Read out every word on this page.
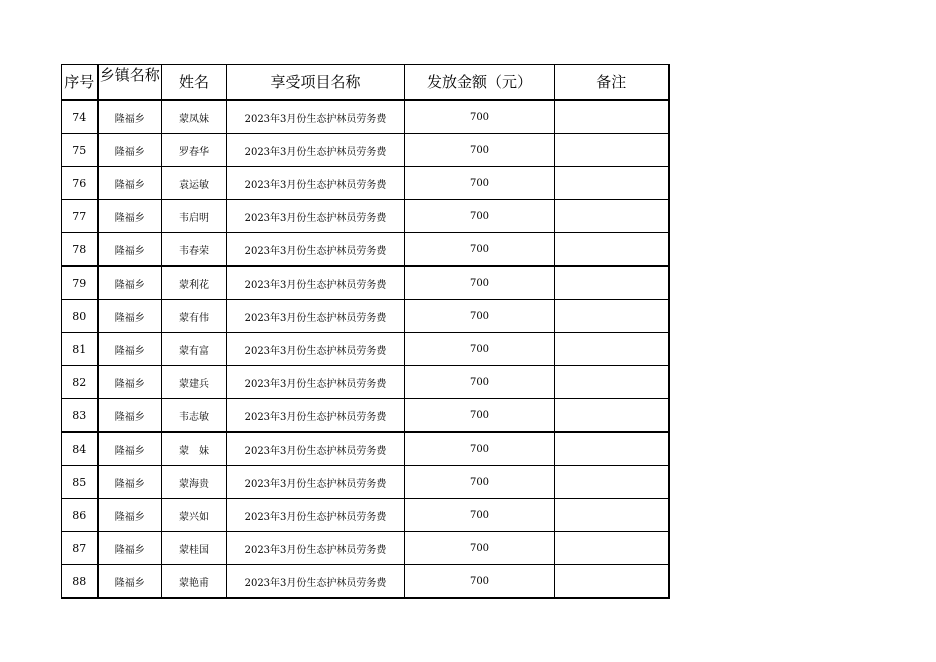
序号	乡镇名称	姓名	享受项目名称	发放金额（元）	备注
74	隆福乡	蒙凤妹	2023年3月份生态护林员劳务费	700	
75	隆福乡	罗春华	2023年3月份生态护林员劳务费	700	
76	隆福乡	袁运敏	2023年3月份生态护林员劳务费	700	
77	隆福乡	韦启明	2023年3月份生态护林员劳务费	700	
78	隆福乡	韦春荣	2023年3月份生态护林员劳务费	700	
79	隆福乡	蒙利花	2023年3月份生态护林员劳务费	700	
80	隆福乡	蒙有伟	2023年3月份生态护林员劳务费	700	
81	隆福乡	蒙有富	2023年3月份生态护林员劳务费	700	
82	隆福乡	蒙建兵	2023年3月份生态护林员劳务费	700	
83	隆福乡	韦志敏	2023年3月份生态护林员劳务费	700	
84	隆福乡	蒙妹	2023年3月份生态护林员劳务费	700	
85	隆福乡	蒙海贵	2023年3月份生态护林员劳务费	700	
86	隆福乡	蒙兴如	2023年3月份生态护林员劳务费	700	
87	隆福乡	蒙桂国	2023年3月份生态护林员劳务费	700	
88	隆福乡	蒙艳甫	2023年3月份生态护林员劳务费	700	
